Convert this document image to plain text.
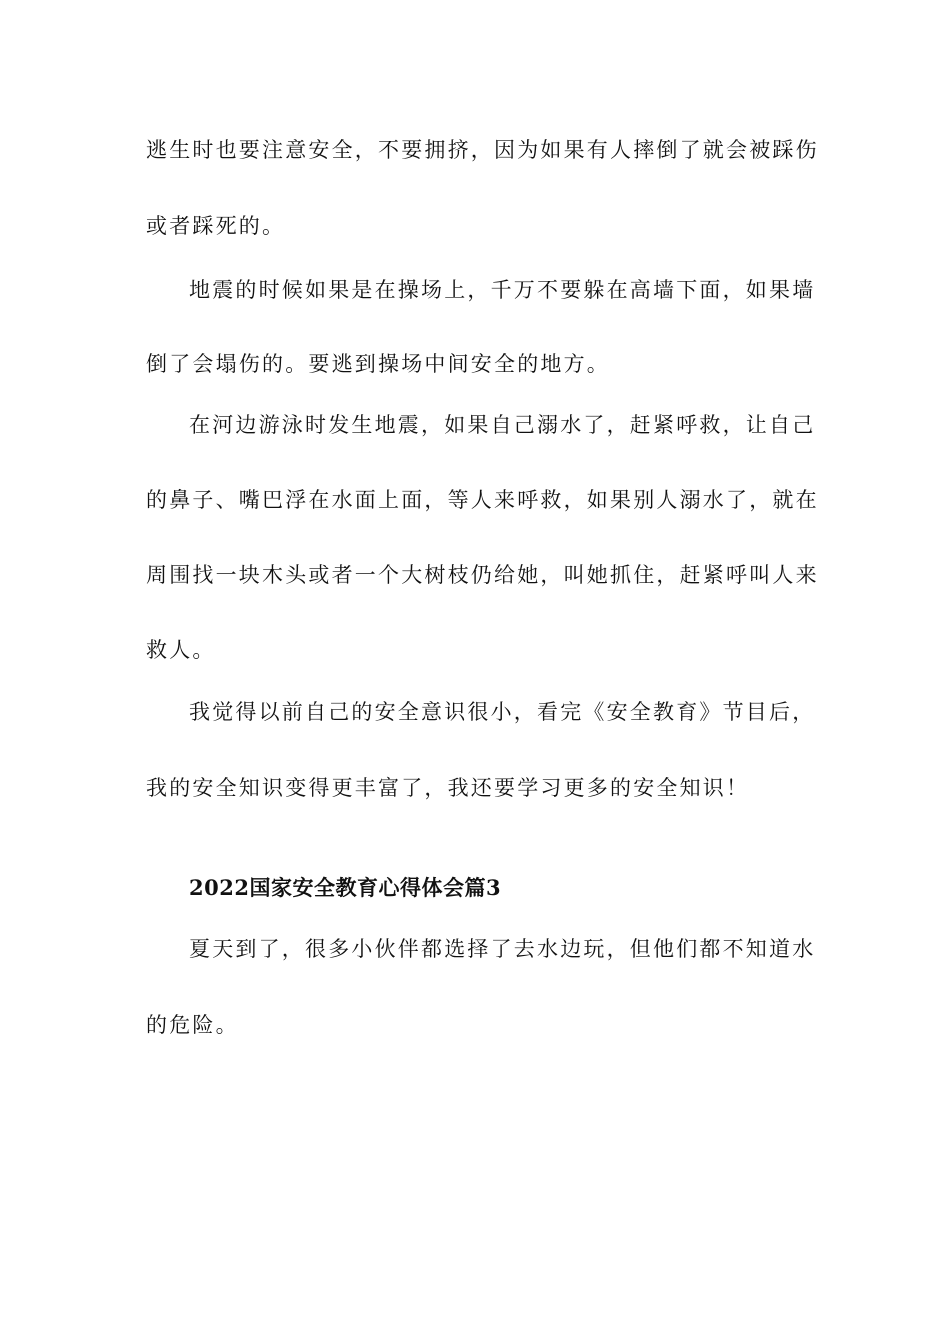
逃生时也要注意安全，不要拥挤，因为如果有人摔倒了就会被踩伤
或者踩死的。
地震的时候如果是在操场上，千万不要躲在高墙下面，如果墙
倒了会塌伤的。要逃到操场中间安全的地方。
在河边游泳时发生地震，如果自己溺水了，赶紧呼救，让自己
的鼻子、嘴巴浮在水面上面，等人来呼救，如果别人溺水了，就在
周围找一块木头或者一个大树枝仍给她，叫她抓住，赶紧呼叫人来
救人。
我觉得以前自己的安全意识很小，看完《安全教育》节目后，
我的安全知识变得更丰富了，我还要学习更多的安全知识！
2022国家安全教育心得体会篇3
夏天到了，很多小伙伴都选择了去水边玩，但他们都不知道水
的危险。
